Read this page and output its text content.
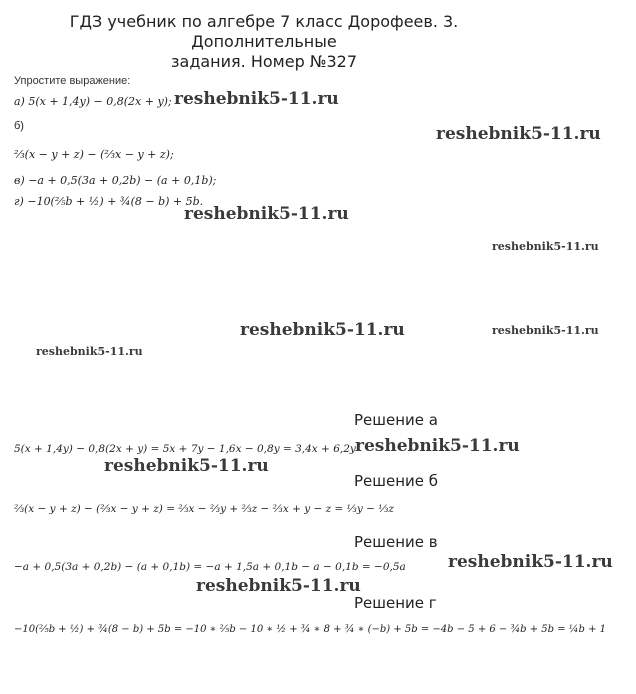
ГДЗ учебник по алгебре 7 класс Дорофеев. 3. Дополнительные
задания. Номер №327
Упростите выражение:
а) 5(x + 1,4y) − 0,8(2x + y);
б)
⅔(x − y + z) − (⅔x − y + z);
в) −a + 0,5(3a + 0,2b) − (a + 0,1b);
г) −10(⅖b + ½) + ¾(8 − b) + 5b.
reshebnik5-11.ru
reshebnik5-11.ru
reshebnik5-11.ru
reshebnik5-11.ru
reshebnik5-11.ru	reshebnik5-11.ru
reshebnik5-11.ru
Решение а
5(x + 1,4y) − 0,8(2x + y) = 5x + 7y − 1,6x − 0,8y = 3,4x + 6,2y reshebnik5-11.ru
reshebnik5-11.ru
Решение б
⅔(x − y + z) − (⅔x − y + z) = ⅔x − ⅔y + ⅔z − ⅔x + y − z = ⅓y − ⅓z
Решение в
−a + 0,5(3a + 0,2b) − (a + 0,1b) = −a + 1,5a + 0,1b − a − 0,1b = −0,5a reshebnik5-11.ru
reshebnik5-11.ru
Решение г
−10(⅖b + ½) + ¾(8 − b) + 5b = −10 ∗ ⅖b − 10 ∗ ½ + ¾ ∗ 8 + ¾ ∗ (−b) + 5b = −4b − 5 + 6 − ¾b + 5b = ¼b + 1
